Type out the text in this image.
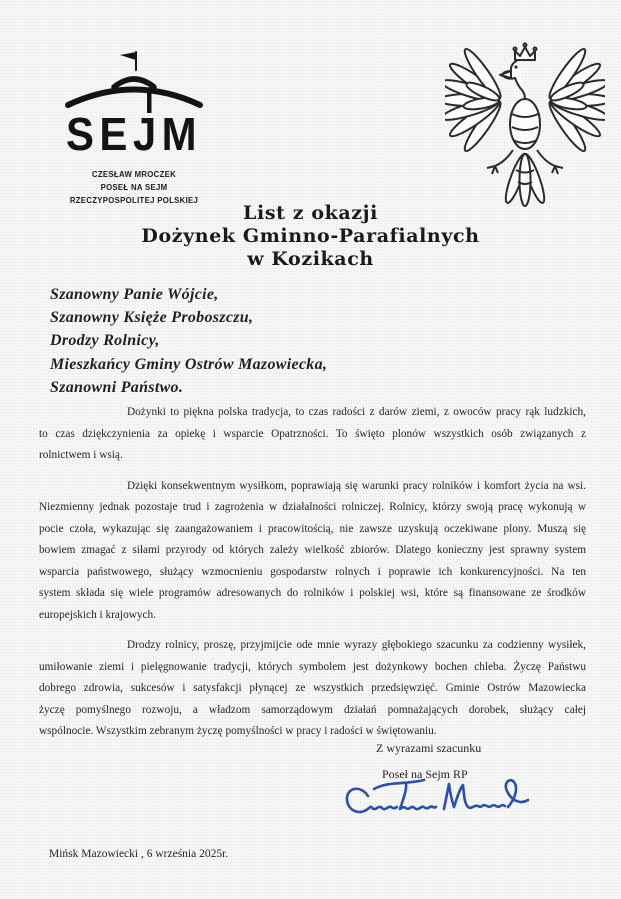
SEJM
CZESŁAW MROCZEK
POSEŁ NA SEJM
RZECZYPOSPOLITEJ POLSKIEJ
List z okazji
Dożynek Gminno-Parafialnych
w Kozikach
Szanowny Panie Wójcie,
Szanowny Księże Proboszczu,
Drodzy Rolnicy,
Mieszkańcy Gminy Ostrów Mazowiecka,
Szanowni Państwo.
Dożynki to piękna polska tradycja, to czas radości z darów ziemi, z owoców pracy rąk ludzkich,
to czas dziękczynienia za opiekę i wsparcie Opatrzności. To święto plonów wszystkich osób związanych z
rolnictwem i wsią.
Dzięki konsekwentnym wysiłkom, poprawiają się warunki pracy rolników i komfort życia na wsi.
Niezmienny jednak pozostaje trud i zagrożenia w działalności rolniczej. Rolnicy, którzy swoją pracę wykonują w
pocie czoła, wykazując się zaangażowaniem i pracowitością, nie zawsze uzyskują oczekiwane plony. Muszą się
bowiem zmagać z siłami przyrody od których zależy wielkość zbiorów. Dlatego konieczny jest sprawny system
wsparcia państwowego, służący wzmocnieniu gospodarstw rolnych i poprawie ich konkurencyjności. Na ten
system składa się wiele programów adresowanych do rolników i polskiej wsi, które są finansowane ze środków
europejskich i krajowych.
Drodzy rolnicy, proszę, przyjmijcie ode mnie wyrazy głębokiego szacunku za codzienny wysiłek,
umiłowanie ziemi i pielęgnowanie tradycji, których symbolem jest dożynkowy bochen chleba. Życzę Państwu
dobrego zdrowia, sukcesów i satysfakcji płynącej ze wszystkich przedsięwzięć. Gminie Ostrów Mazowiecka
życzę pomyślnego rozwoju, a władzom samorządowym działań pomnażających dorobek, służący całej
wspólnocie. Wszystkim zebranym życzę pomyślności w pracy i radości w świętowaniu.
Z wyrazami szacunku
Poseł na Sejm RP
Mińsk Mazowiecki , 6 września 2025r.
